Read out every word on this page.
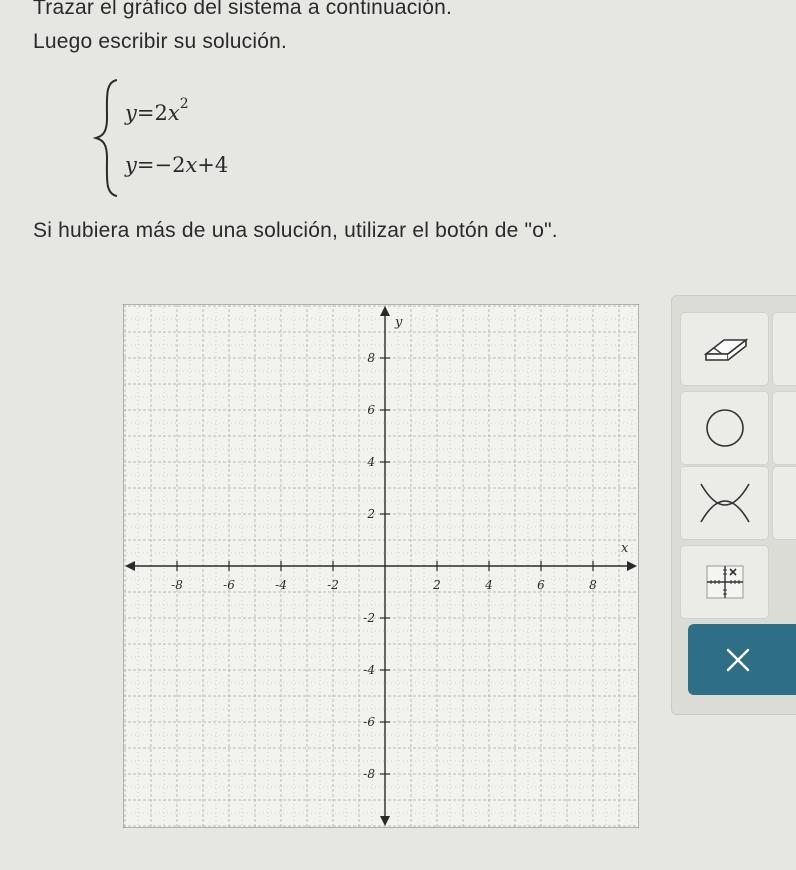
Trazar el gráfico del sistema a continuación.
Luego escribir su solución.
$y=2x^2$
y=−2x+4
Si hubiera más de una solución, utilizar el botón de "o".
x
y
-8	-6	-4	-2	2	4	6	8
8
6
4
2
-2
-4
-6
-8
